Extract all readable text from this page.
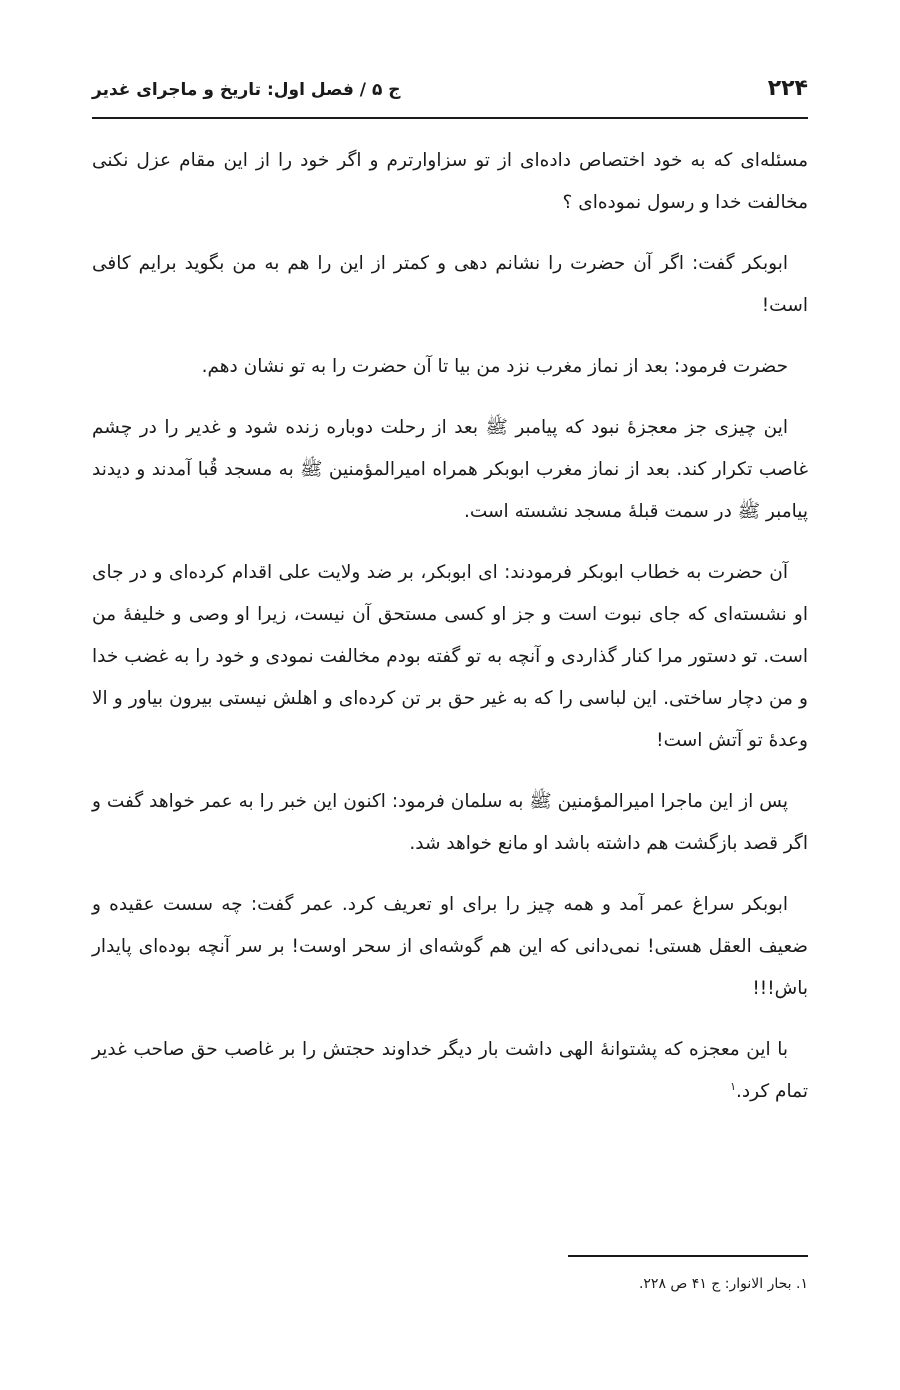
۲۲۴
ج ۵ / فصل اول: تاریخ و ماجرای غدیر

مسئله‌ای که به خود اختصاص داده‌ای از تو سزاوارترم و اگر خود را از این مقام عزل نکنی مخالفت خدا و رسول نموده‌ای ؟

ابوبکر گفت: اگر آن حضرت را نشانم دهی و کمتر از این را هم به من بگوید برایم کافی است!

حضرت فرمود: بعد از نماز مغرب نزد من بیا تا آن حضرت را به تو نشان دهم.

این چیزی جز معجزهٔ نبود که پیامبر ﷺ بعد از رحلت دوباره زنده شود و غدیر را در چشم غاصب تکرار کند. بعد از نماز مغرب ابوبکر همراه امیرالمؤمنین ﷺ به مسجد قُبا آمدند و دیدند پیامبر ﷺ در سمت قبلهٔ مسجد نشسته است.

آن حضرت به خطاب ابوبکر فرمودند: ای ابوبکر، بر ضد ولایت علی اقدام کرده‌ای و در جای او نشسته‌ای که جای نبوت است و جز او کسی مستحق آن نیست، زیرا او وصی و خلیفهٔ من است. تو دستور مرا کنار گذاردی و آنچه به تو گفته بودم مخالفت نمودی و خود را به غضب خدا و من دچار ساختی. این لباسی را که به غیر حق بر تن کرده‌ای و اهلش نیستی بیرون بیاور و الا وعدهٔ تو آتش است!

پس از این ماجرا امیرالمؤمنین ﷺ به سلمان فرمود: اکنون این خبر را به عمر خواهد گفت و اگر قصد بازگشت هم داشته باشد او مانع خواهد شد.

ابوبکر سراغ عمر آمد و همه چیز را برای او تعریف کرد. عمر گفت: چه سست عقیده و ضعیف العقل هستی! نمی‌دانی که این هم گوشه‌ای از سحر اوست! بر سر آنچه بوده‌ای پایدار باش!!!

با این معجزه که پشتوانهٔ الهی داشت بار دیگر خداوند حجتش را بر غاصب حق صاحب غدیر تمام کرد.$^۱$

۱. بحار الانوار: ج ۴۱ ص ۲۲۸.
